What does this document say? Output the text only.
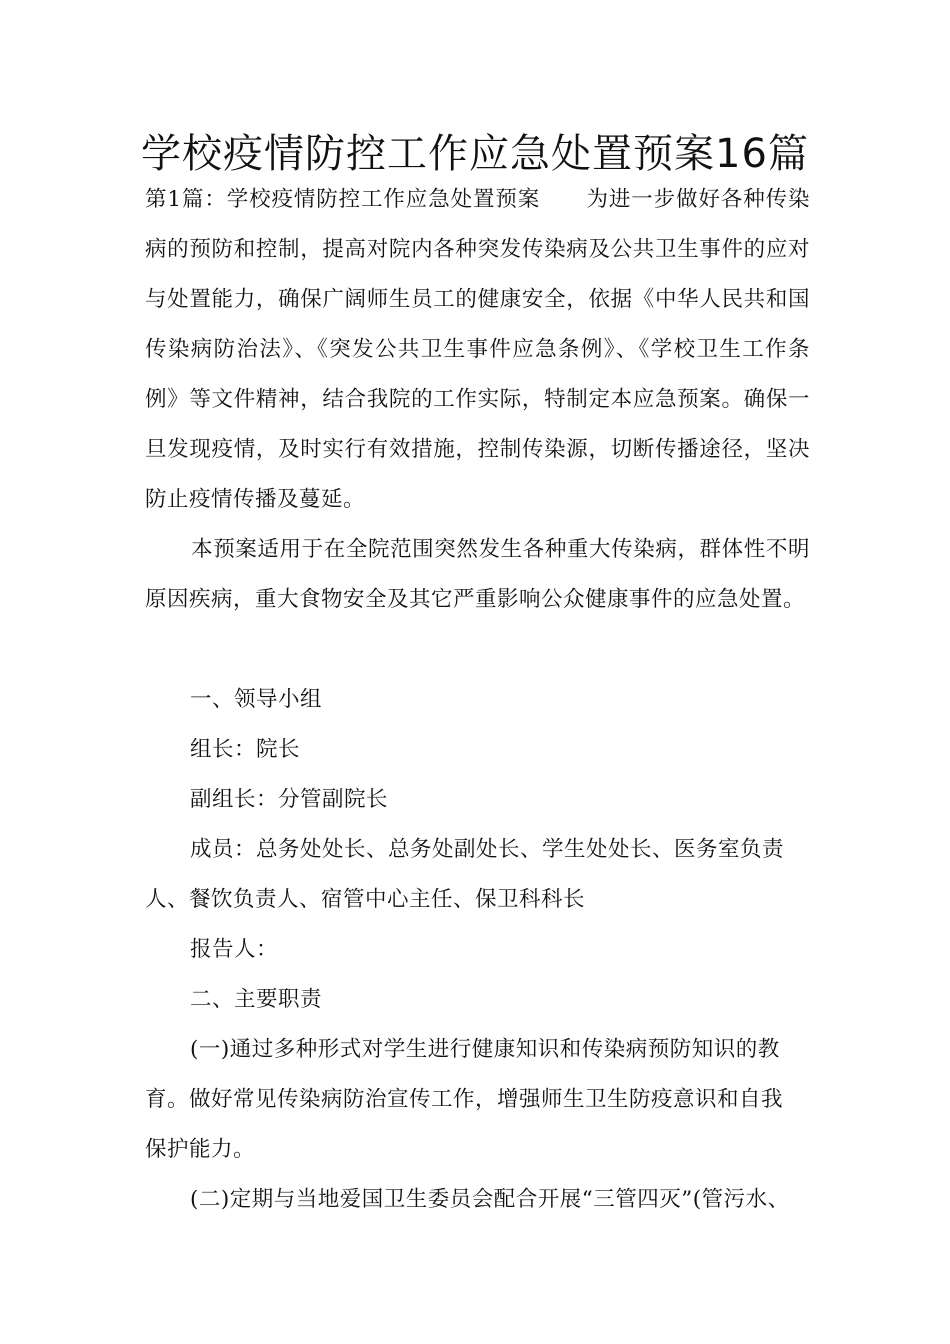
学校疫情防控工作应急处置预案16篇

第1篇：学校疫情防控工作应急处置预案 为进一步做好各种传染病的预防和控制，提高对院内各种突发传染病及公共卫生事件的应对与处置能力，确保广阔师生员工的健康安全，依据《中华人民共和国传染病防治法》、《突发公共卫生事件应急条例》、《学校卫生工作条例》等文件精神，结合我院的工作实际，特制定本应急预案。确保一旦发现疫情，及时实行有效措施，控制传染源，切断传播途径，坚决防止疫情传播及蔓延。

本预案适用于在全院范围突然发生各种重大传染病，群体性不明原因疾病，重大食物安全及其它严重影响公众健康事件的应急处置。

一、领导小组

组长：院长

副组长：分管副院长

成员：总务处处长、总务处副处长、学生处处长、医务室负责

人、餐饮负责人、宿管中心主任、保卫科科长

报告人：

二、主要职责

(一)通过多种形式对学生进行健康知识和传染病预防知识的教

育。做好常见传染病防治宣传工作，增强师生卫生防疫意识和自我

保护能力。

(二)定期与当地爱国卫生委员会配合开展“三管四灭”(管污水、
